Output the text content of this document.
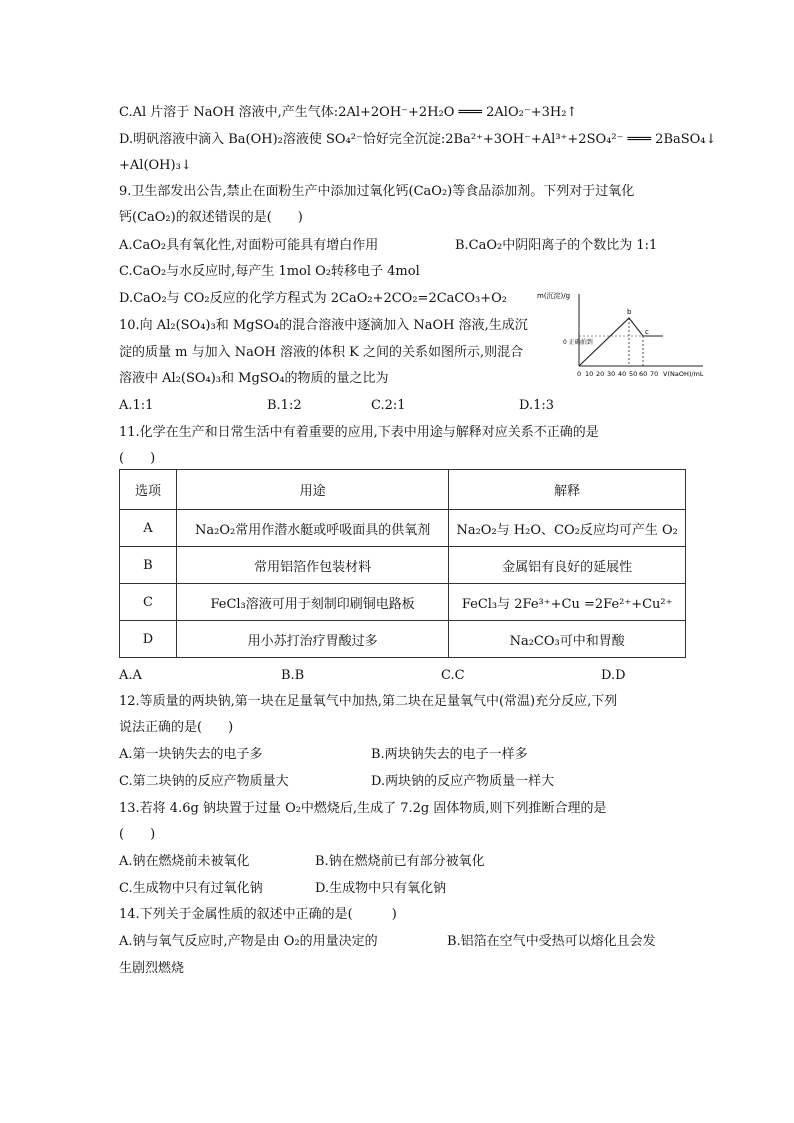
C.Al 片溶于 NaOH 溶液中,产生气体:2Al+2OH⁻+2H₂O ═══ 2AlO₂⁻+3H₂↑
D.明矾溶液中滴入 Ba(OH)₂溶液使 SO₄²⁻恰好完全沉淀:2Ba²⁺+3OH⁻+Al³⁺+2SO₄²⁻ ═══ 2BaSO₄↓
+Al(OH)₃↓
9.卫生部发出公告,禁止在面粉生产中添加过氧化钙(CaO₂)等食品添加剂。下列对于过氧化
钙(CaO₂)的叙述错误的是(　　)
A.CaO₂具有氧化性,对面粉可能具有增白作用	B.CaO₂中阴阳离子的个数比为 1:1
C.CaO₂与水反应时,每产生 1mol O₂转移电子 4mol
D.CaO₂与 CO₂反应的化学方程式为 2CaO₂+2CO₂=2CaCO₃+O₂
10.向 Al₂(SO₄)₃和 MgSO₄的混合溶液中逐滴加入 NaOH 溶液,生成沉
淀的质量 m 与加入 NaOH 溶液的体积 K 之间的关系如图所示,则混合
溶液中 Al₂(SO₄)₃和 MgSO₄的物质的量之比为
A.1:1	B.1:2	C.2:1	D.1:3
m(沉淀)/g
b
c
0 正确拍到
V(NaOH)/mL
0 10 20 30 40 50 60 70
11.化学在生产和日常生活中有着重要的应用,下表中用途与解释对应关系不正确的是
(　　)
选项	用途	解释
A	Na₂O₂常用作潜水艇或呼吸面具的供氧剂	Na₂O₂与 H₂O、CO₂反应均可产生 O₂
B	常用铝箔作包装材料	金属铝有良好的延展性
C	FeCl₃溶液可用于刻制印刷铜电路板	FeCl₃与 2Fe³⁺+Cu =2Fe²⁺+Cu²⁺
D	用小苏打治疗胃酸过多	Na₂CO₃可中和胃酸
A.A	B.B	C.C	D.D
12.等质量的两块钠,第一块在足量氧气中加热,第二块在足量氧气中(常温)充分反应,下列
说法正确的是(　　)
A.第一块钠失去的电子多	B.两块钠失去的电子一样多
C.第二块钠的反应产物质量大	D.两块钠的反应产物质量一样大
13.若将 4.6g 钠块置于过量 O₂中燃烧后,生成了 7.2g 固体物质,则下列推断合理的是
(　　)
A.钠在燃烧前未被氧化	B.钠在燃烧前已有部分被氧化
C.生成物中只有过氧化钠	D.生成物中只有氧化钠
14.下列关于金属性质的叙述中正确的是(　　　)
A.钠与氧气反应时,产物是由 O₂的用量决定的	B.铝箔在空气中受热可以熔化且会发
生剧烈燃烧
